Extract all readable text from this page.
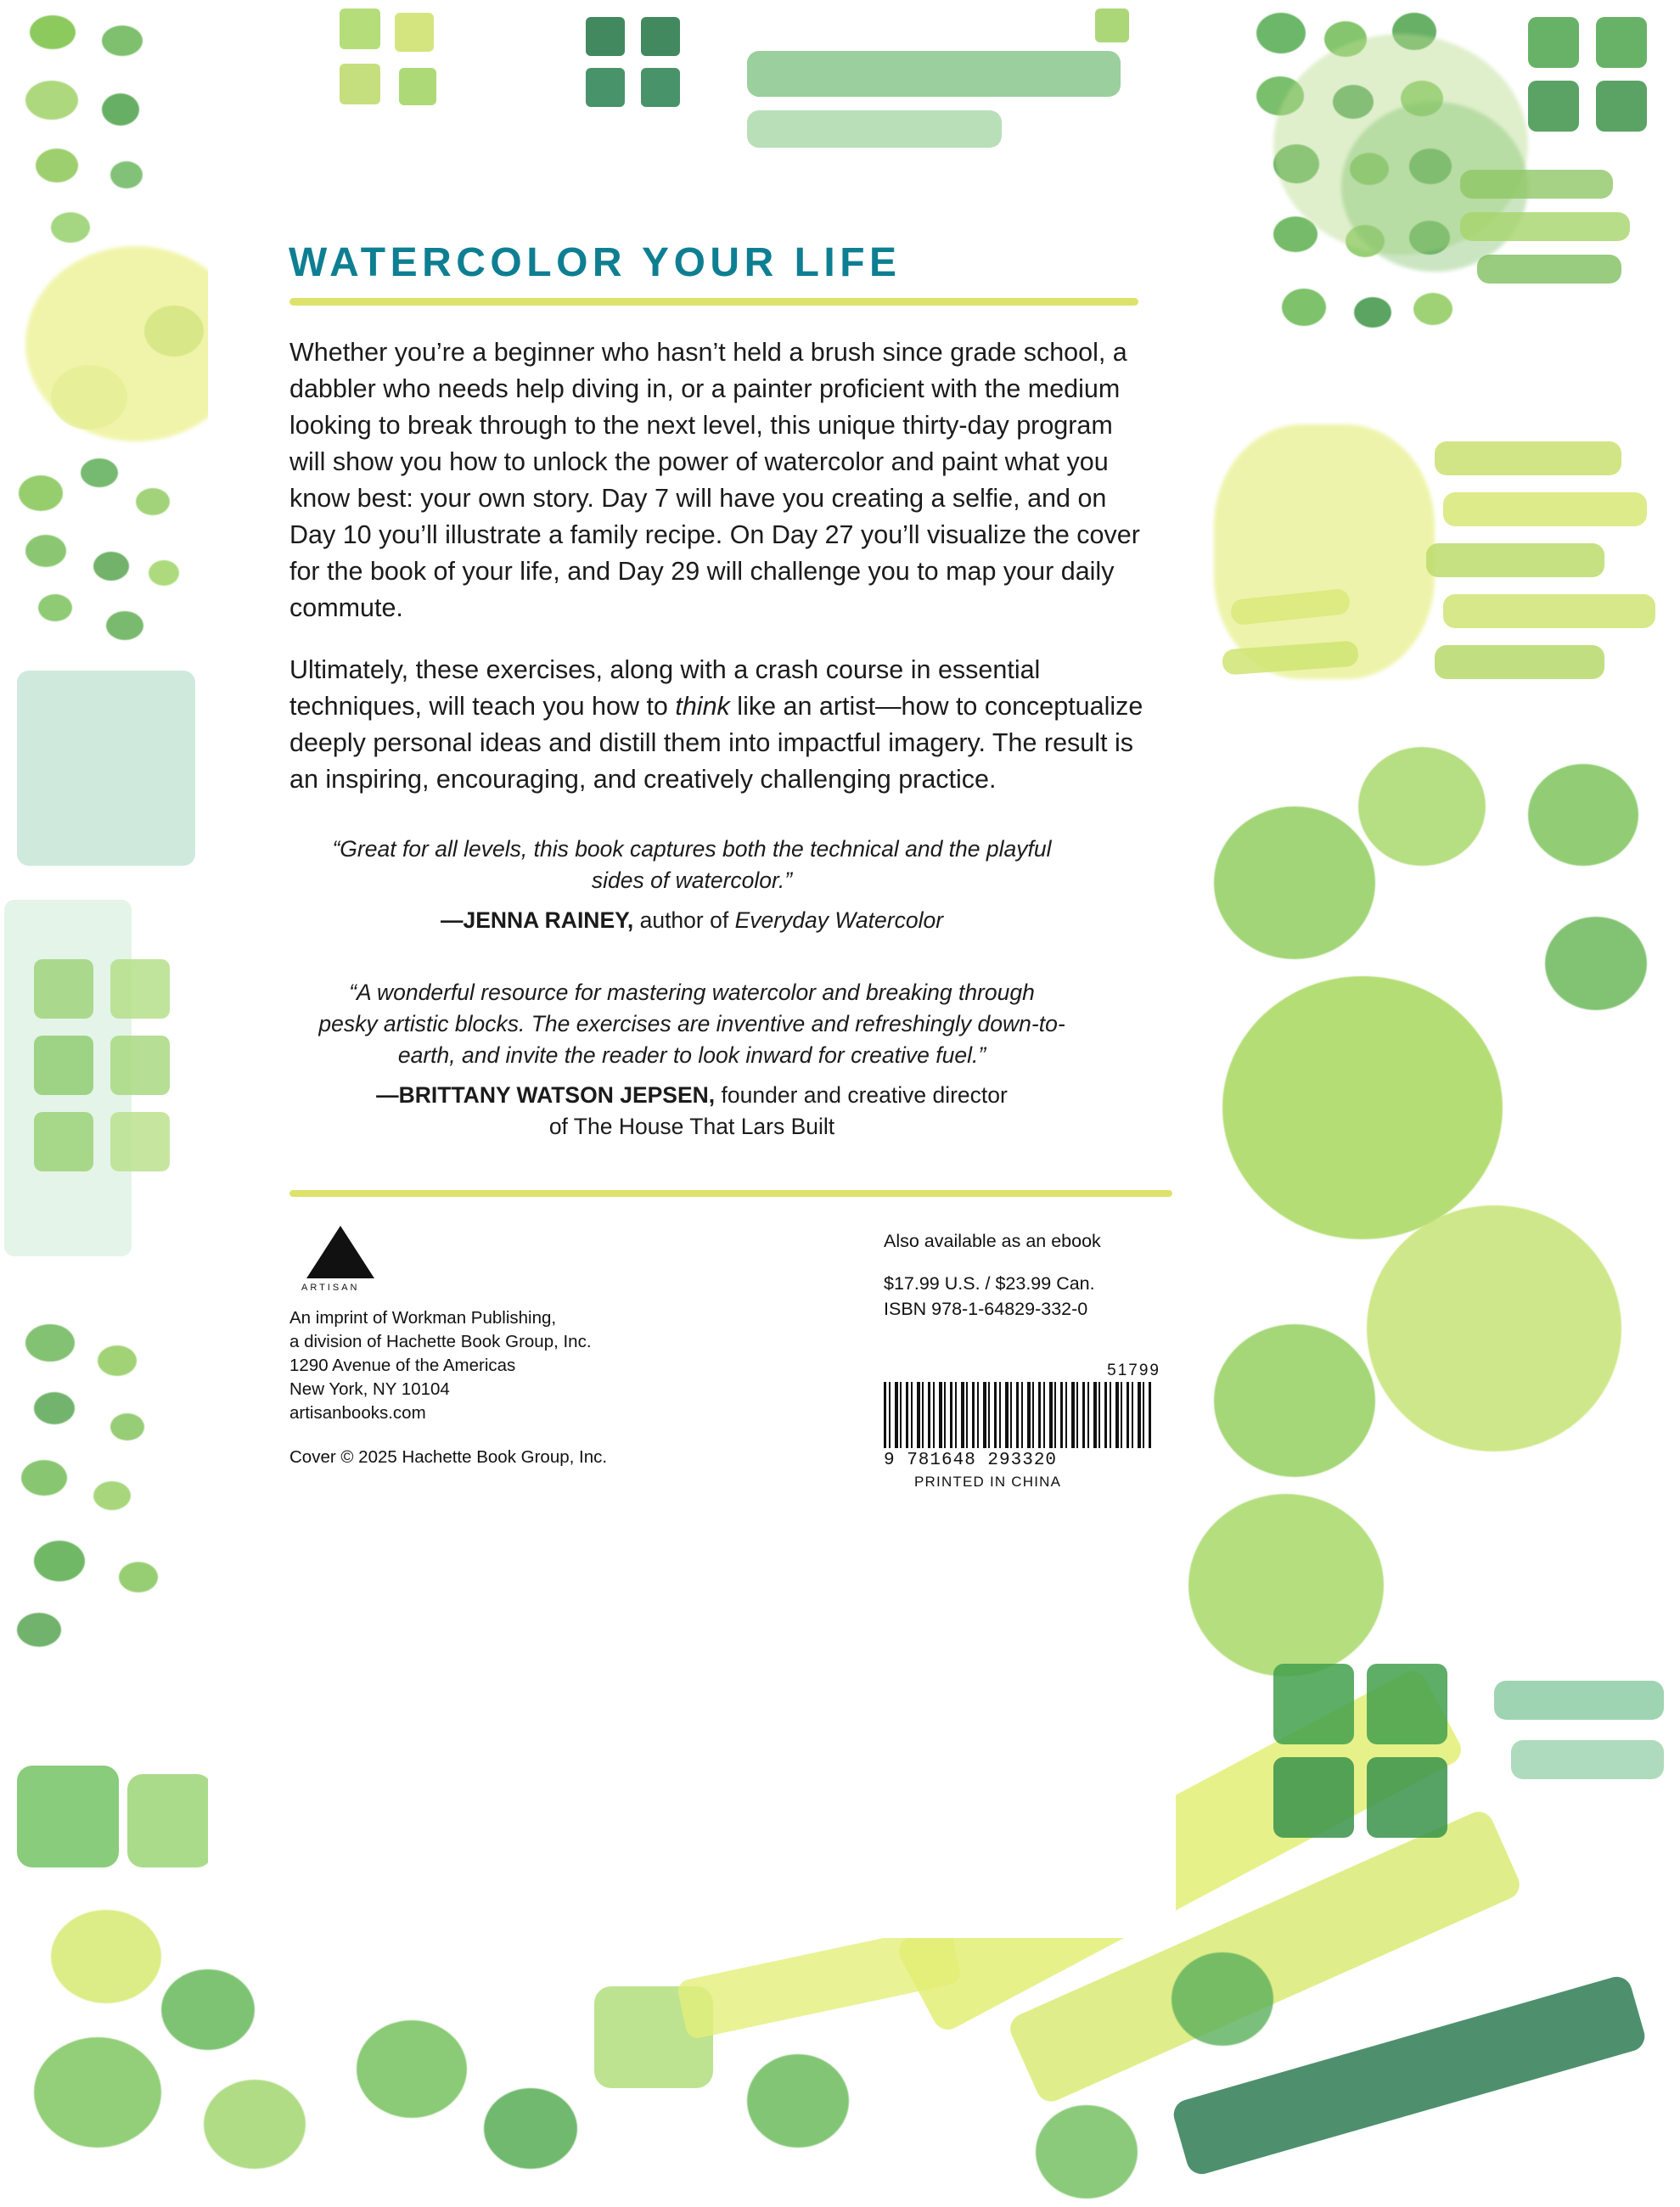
WATERCOLOR YOUR LIFE

Whether you’re a beginner who hasn’t held a brush since grade school, a dabbler who needs help diving in, or a painter proficient with the medium looking to break through to the next level, this unique thirty-day program will show you how to unlock the power of watercolor and paint what you know best: your own story. Day 7 will have you creating a selfie, and on Day 10 you’ll illustrate a family recipe. On Day 27 you’ll visualize the cover for the book of your life, and Day 29 will challenge you to map your daily commute.

Ultimately, these exercises, along with a crash course in essential techniques, will teach you how to think like an artist—how to conceptualize deeply personal ideas and distill them into impactful imagery. The result is an inspiring, encouraging, and creatively challenging practice.

“Great for all levels, this book captures both the technical and the playful sides of watercolor.”
—JENNA RAINEY, author of Everyday Watercolor
“A wonderful resource for mastering watercolor and breaking through pesky artistic blocks. The exercises are inventive and refreshingly down-to-earth, and invite the reader to look inward for creative fuel.”
—BRITTANY WATSON JEPSEN, founder and creative director
of The House That Lars Built
ARTISAN
An imprint of Workman Publishing,
a division of Hachette Book Group, Inc.
1290 Avenue of the Americas
New York, NY 10104
artisanbooks.com
Cover © 2025 Hachette Book Group, Inc.
Also available as an ebook
$17.99 U.S. / $23.99 Can.
ISBN 978-1-64829-332-0
51799
9 781648 293320
PRINTED IN CHINA
